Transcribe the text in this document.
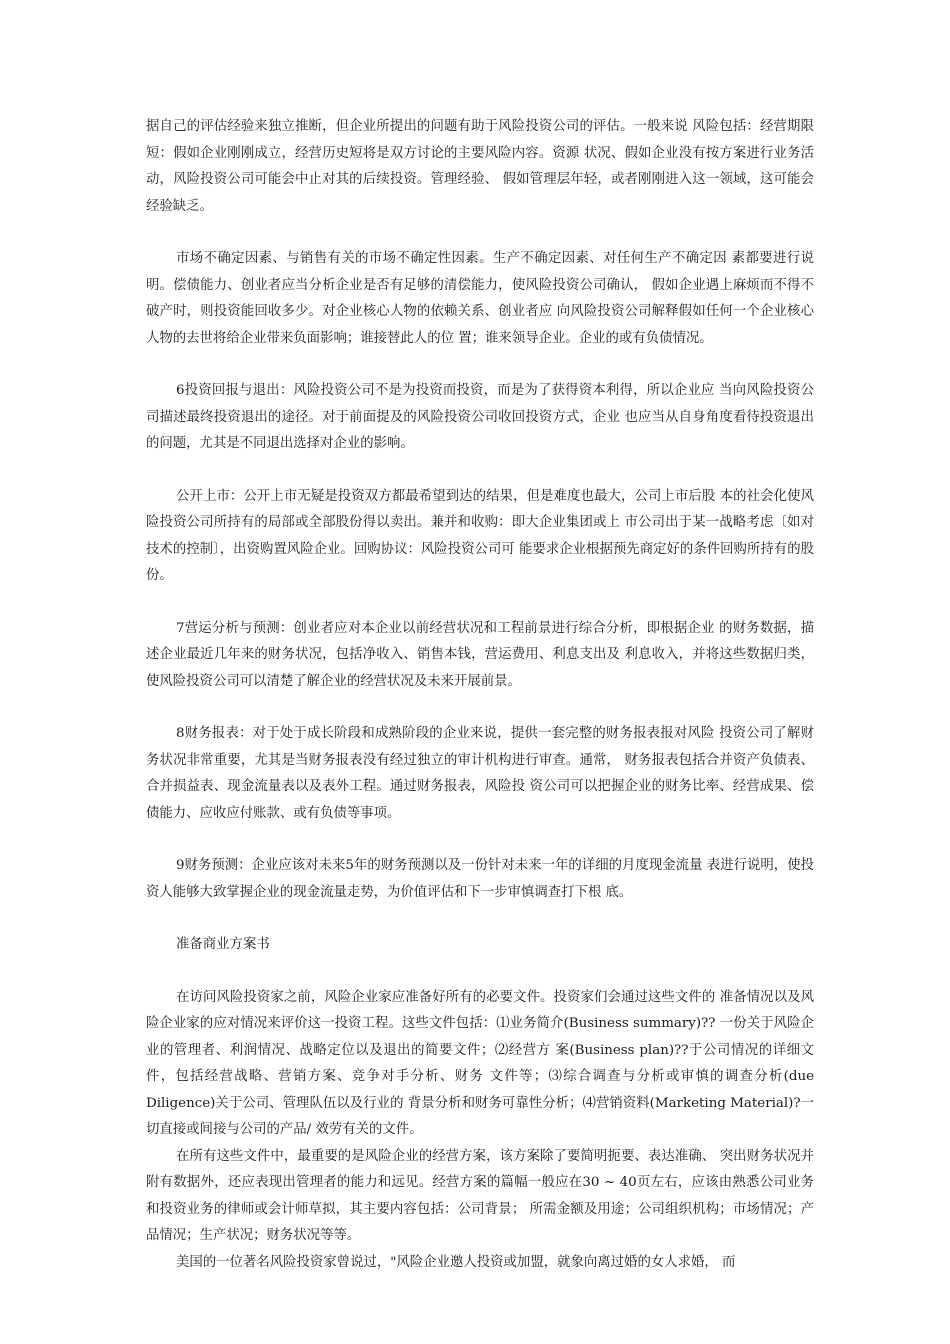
据自己的评估经验来独立推断，但企业所提出的问题有助于风险投资公司的评估。一般来说 风险包括：经营期限短：假如企业刚刚成立，经营历史短将是双方讨论的主要风险内容。资源 状况、假如企业没有按方案进行业务活动，风险投资公司可能会中止对其的后续投资。管理经验、 假如管理层年轻，或者刚刚进入这一领域，这可能会经验缺乏。

市场不确定因素、与销售有关的市场不确定性因素。生产不确定因素、对任何生产不确定因 素都要进行说明。偿债能力、创业者应当分析企业是否有足够的清偿能力，使风险投资公司确认， 假如企业遇上麻烦而不得不破产时，则投资能回收多少。对企业核心人物的依赖关系、创业者应 向风险投资公司解释假如任何一个企业核心人物的去世将给企业带来负面影响；谁接替此人的位 置；谁来领导企业。企业的或有负债情况。

6投资回报与退出：风险投资公司不是为投资而投资，而是为了获得资本利得，所以企业应 当向风险投资公司描述最终投资退出的途径。对于前面提及的风险投资公司收回投资方式，企业 也应当从自身角度看待投资退出的问题，尤其是不同退出选择对企业的影响。

公开上市：公开上市无疑是投资双方都最希望到达的结果，但是难度也最大，公司上市后股 本的社会化使风险投资公司所持有的局部或全部股份得以卖出。兼并和收购：即大企业集团或上 市公司出于某一战略考虑〔如对技术的控制〕，出资购置风险企业。回购协议：风险投资公司可 能要求企业根据预先商定好的条件回购所持有的股份。

7营运分析与预测：创业者应对本企业以前经营状况和工程前景进行综合分析，即根据企业 的财务数据，描述企业最近几年来的财务状况，包括净收入、销售本钱，营运费用、利息支出及 利息收入，并将这些数据归类，使风险投资公司可以清楚了解企业的经营状况及未来开展前景。

8财务报表：对于处于成长阶段和成熟阶段的企业来说，提供一套完整的财务报表报对风险 投资公司了解财务状况非常重要，尤其是当财务报表没有经过独立的审计机构进行审查。通常， 财务报表包括合并资产负债表、合并损益表、现金流量表以及表外工程。通过财务报表，风险投 资公司可以把握企业的财务比率、经营成果、偿债能力、应收应付账款、或有负债等事项。

9财务预测：企业应该对未来5年的财务预测以及一份针对未来一年的详细的月度现金流量 表进行说明，使投资人能够大致掌握企业的现金流量走势，为价值评估和下一步审慎调查打下根 底。

准备商业方案书

在访问风险投资家之前，风险企业家应准备好所有的必要文件。投资家们会通过这些文件的 准备情况以及风险企业家的应对情况来评价这一投资工程。这些文件包括：⑴业务简介(Business summary)?? 一份关于风险企业的管理者、利润情况、战略定位以及退出的简要文件；⑵经营方 案(Business plan)??于公司情况的详细文件，包括经营战略、营销方案、竞争对手分析、财务 文件等；⑶综合调查与分析或审慎的调查分析(due Diligence)关于公司、管理队伍以及行业的 背景分析和财务可靠性分析；⑷营销资料(Marketing Material)?一切直接或间接与公司的产品/ 效劳有关的文件。

在所有这些文件中，最重要的是风险企业的经营方案，该方案除了要简明扼要、表达准确、 突出财务状况并附有数据外，还应表现出管理者的能力和远见。经营方案的篇幅一般应在30 ~ 40页左右，应该由熟悉公司业务和投资业务的律师或会计师草拟，其主要内容包括：公司背景； 所需金额及用途；公司组织机构；市场情况；产品情况；生产状况；财务状况等等。

美国的一位著名风险投资家曾说过，"风险企业邀人投资或加盟，就象向离过婚的女人求婚， 而
